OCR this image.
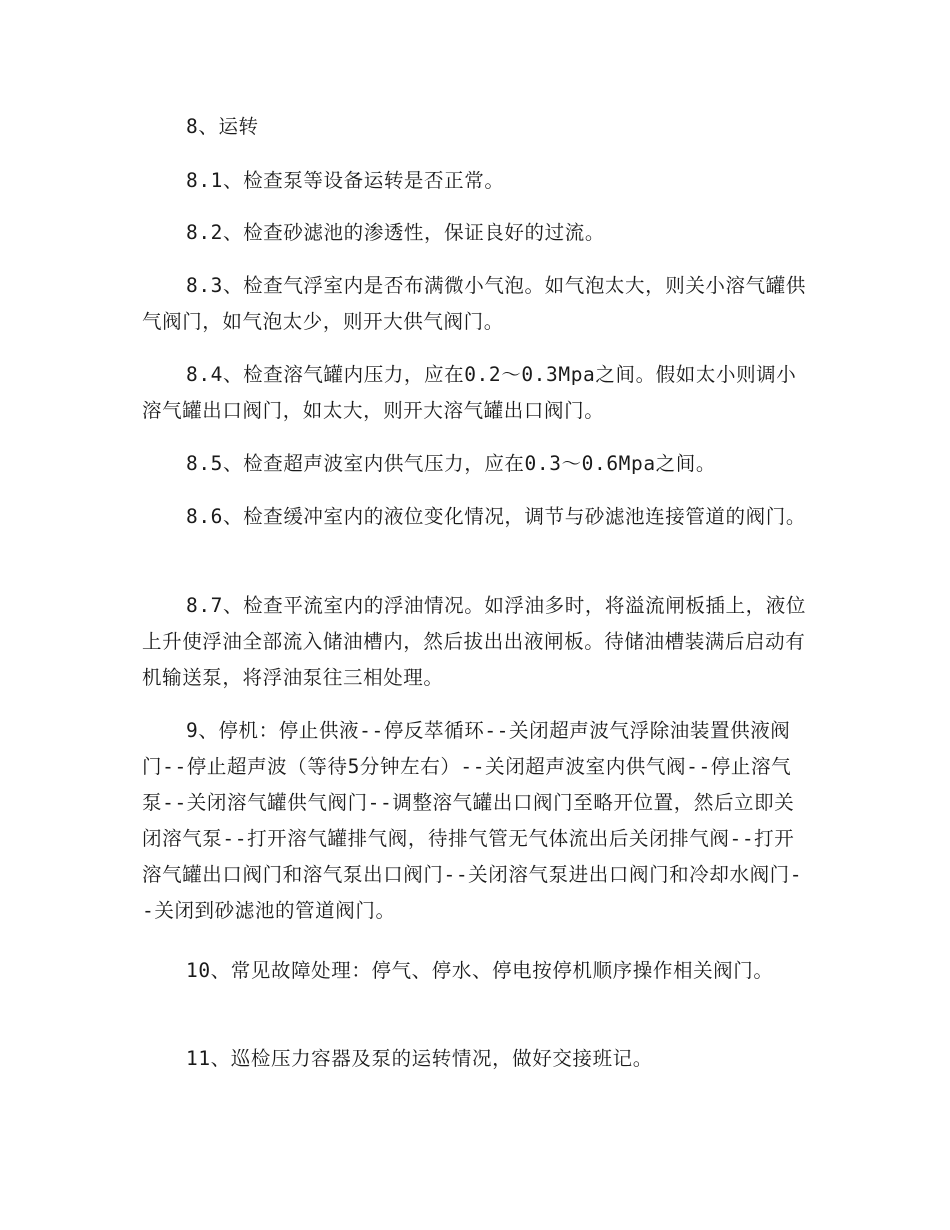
8、运转

8.1、检查泵等设备运转是否正常。

8.2、检查砂滤池的渗透性，保证良好的过流。

8.3、检查气浮室内是否布满微小气泡。如气泡太大，则关小溶气罐供气阀门，如气泡太少，则开大供气阀门。

8.4、检查溶气罐内压力，应在0.2～0.3Mpa之间。假如太小则调小溶气罐出口阀门，如太大，则开大溶气罐出口阀门。

8.5、检查超声波室内供气压力，应在0.3～0.6Mpa之间。

8.6、检查缓冲室内的液位变化情况，调节与砂滤池连接管道的阀门。

8.7、检查平流室内的浮油情况。如浮油多时，将溢流闸板插上，液位上升使浮油全部流入储油槽内，然后拔出出液闸板。待储油槽装满后启动有机输送泵，将浮油泵往三相处理。

9、停机：停止供液--停反萃循环--关闭超声波气浮除油装置供液阀门--停止超声波（等待5分钟左右）--关闭超声波室内供气阀--停止溶气泵--关闭溶气罐供气阀门--调整溶气罐出口阀门至略开位置，然后立即关闭溶气泵--打开溶气罐排气阀，待排气管无气体流出后关闭排气阀--打开溶气罐出口阀门和溶气泵出口阀门--关闭溶气泵进出口阀门和冷却水阀门--关闭到砂滤池的管道阀门。

10、常见故障处理：停气、停水、停电按停机顺序操作相关阀门。

11、巡检压力容器及泵的运转情况，做好交接班记。
